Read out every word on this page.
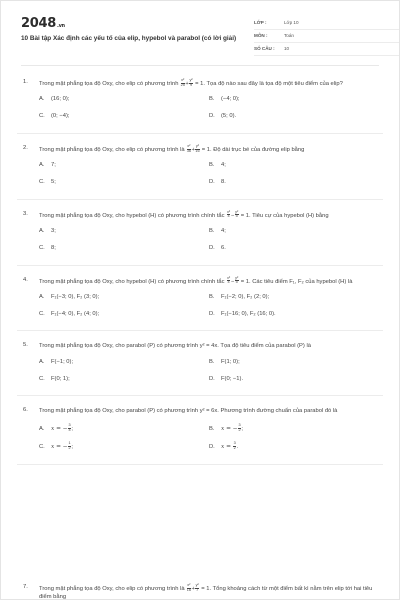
2048.vn
10 Bài tập Xác định các yếu tố của elip, hypebol và parabol (có lời giải)
LỚP :	Lớp 10
MÔN :	Toán
SỐ CÂU : 10
1. Trong mặt phẳng tọa độ Oxy, cho elip có phương trình $\frac{\text{x²}}{25} + \frac{\text{y²}}{9} = 1$. Tọa độ nào sau đây là tọa độ một tiêu điểm của elip?
A. (16; 0);	B. (−4; 0);
C. (0; −4);	D. (5; 0).
2. Trong mặt phẳng tọa độ Oxy, cho elip có phương trình là $\frac{\text{x²}}{36} + \frac{\text{y²}}{16} = 1$. Độ dài trục bé của đường elip bằng
A. 7;	B. 4;
C. 5;	D. 8.
3. Trong mặt phẳng tọa độ Oxy, cho hypebol (H) có phương trình chính tắc $\frac{\text{x²}}{4} - \frac{\text{y²}}{5} = 1$. Tiêu cự của hypebol (H) bằng
A. 3;	B. 4;
C. 8;	D. 6.
4. Trong mặt phẳng tọa độ Oxy, cho hypebol (H) có phương trình chính tắc $\frac{\text{x²}}{4} - \frac{\text{y²}}{5} = 1$. Các tiêu điểm F₁, F₂ của hypebol (H) là
A. F₁(−3; 0), F₂ (3; 0);	B. F₁(−2; 0), F₂ (2; 0);
C. F₁(−4; 0), F₂ (4; 0);	D. F₁(−16; 0), F₂ (16; 0).
5. Trong mặt phẳng tọa độ Oxy, cho parabol (P) có phương trình y² = 4x. Tọa độ tiêu điểm của parabol (P) là
A. F(−1; 0);	B. F(1; 0);
C. F(0; 1);	D. F(0; −1).
6. Trong mặt phẳng tọa độ Oxy, cho parabol (P) có phương trình y² = 6x. Phương trình đường chuẩn của parabol đó là
A. x = − $\frac{3}{4}$ ;	B. x = − $\frac{3}{2}$ ;
C. x = − $\frac{1}{2}$ ;	D. $x = \frac{3}{2}$ .
7. Trong mặt phẳng tọa độ Oxy, cho elip có phương trình là $\frac{\text{x²}}{16} + \frac{\text{y²}}{7} = 1$. Tổng khoảng cách từ một điểm bất kì nằm trên elip tới hai tiêu điểm bằng
